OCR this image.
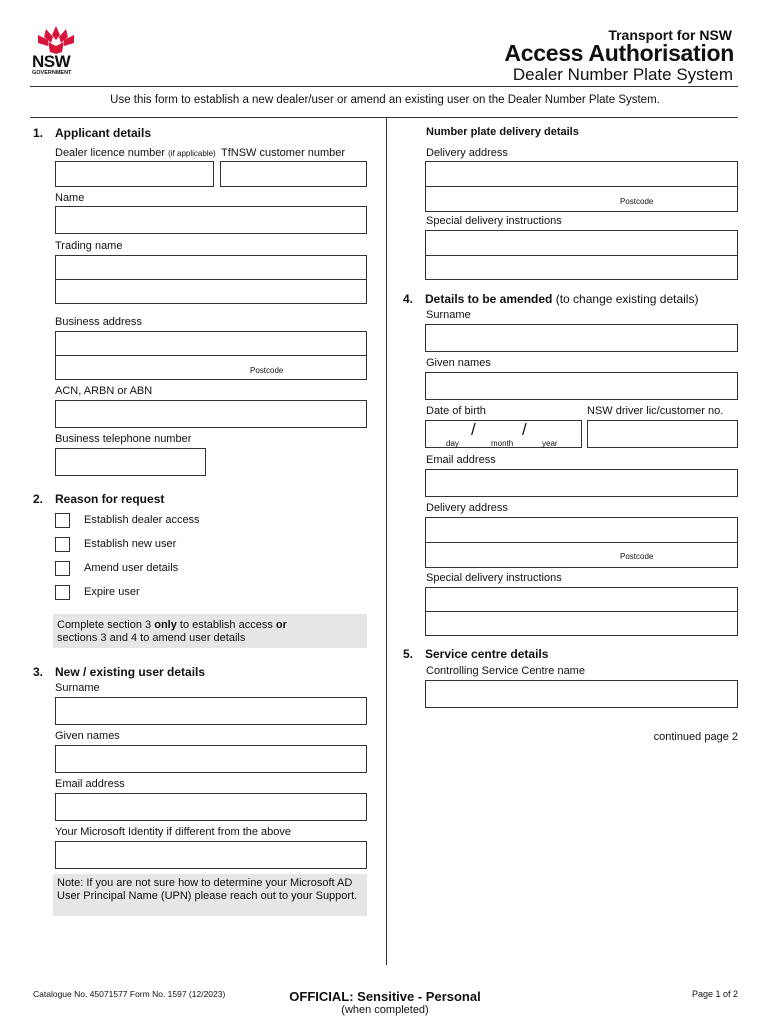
NSW
GOVERNMENT
Transport for NSW
Access Authorisation
Dealer Number Plate System
Use this form to establish a new dealer/user or amend an existing user on the Dealer Number Plate System.
1. Applicant details
Dealer licence number (if applicable) TfNSW customer number
Name
Trading name
Business address
Postcode
ACN, ARBN or ABN
Business telephone number
2. Reason for request
Establish dealer access
Establish new user
Amend user details
Expire user
Complete section 3 only to establish access or
sections 3 and 4 to amend user details
3. New / existing user details
Surname
Given names
Email address
Your Microsoft Identity if different from the above
Note: If you are not sure how to determine your Microsoft AD User Principal Name (UPN) please reach out to your Support.
Number plate delivery details
Delivery address
Postcode
Special delivery instructions
4. Details to be amended (to change existing details)
Surname
Given names
Date of birth	NSW driver lic/customer no.
/	/
day	month	year
Email address
Delivery address
Postcode
Special delivery instructions
5. Service centre details
Controlling Service Centre name
continued page 2
Catalogue No. 45071577 Form No. 1597 (12/2023)	OFFICIAL: Sensitive - Personal
(when completed)
Page 1 of 2
